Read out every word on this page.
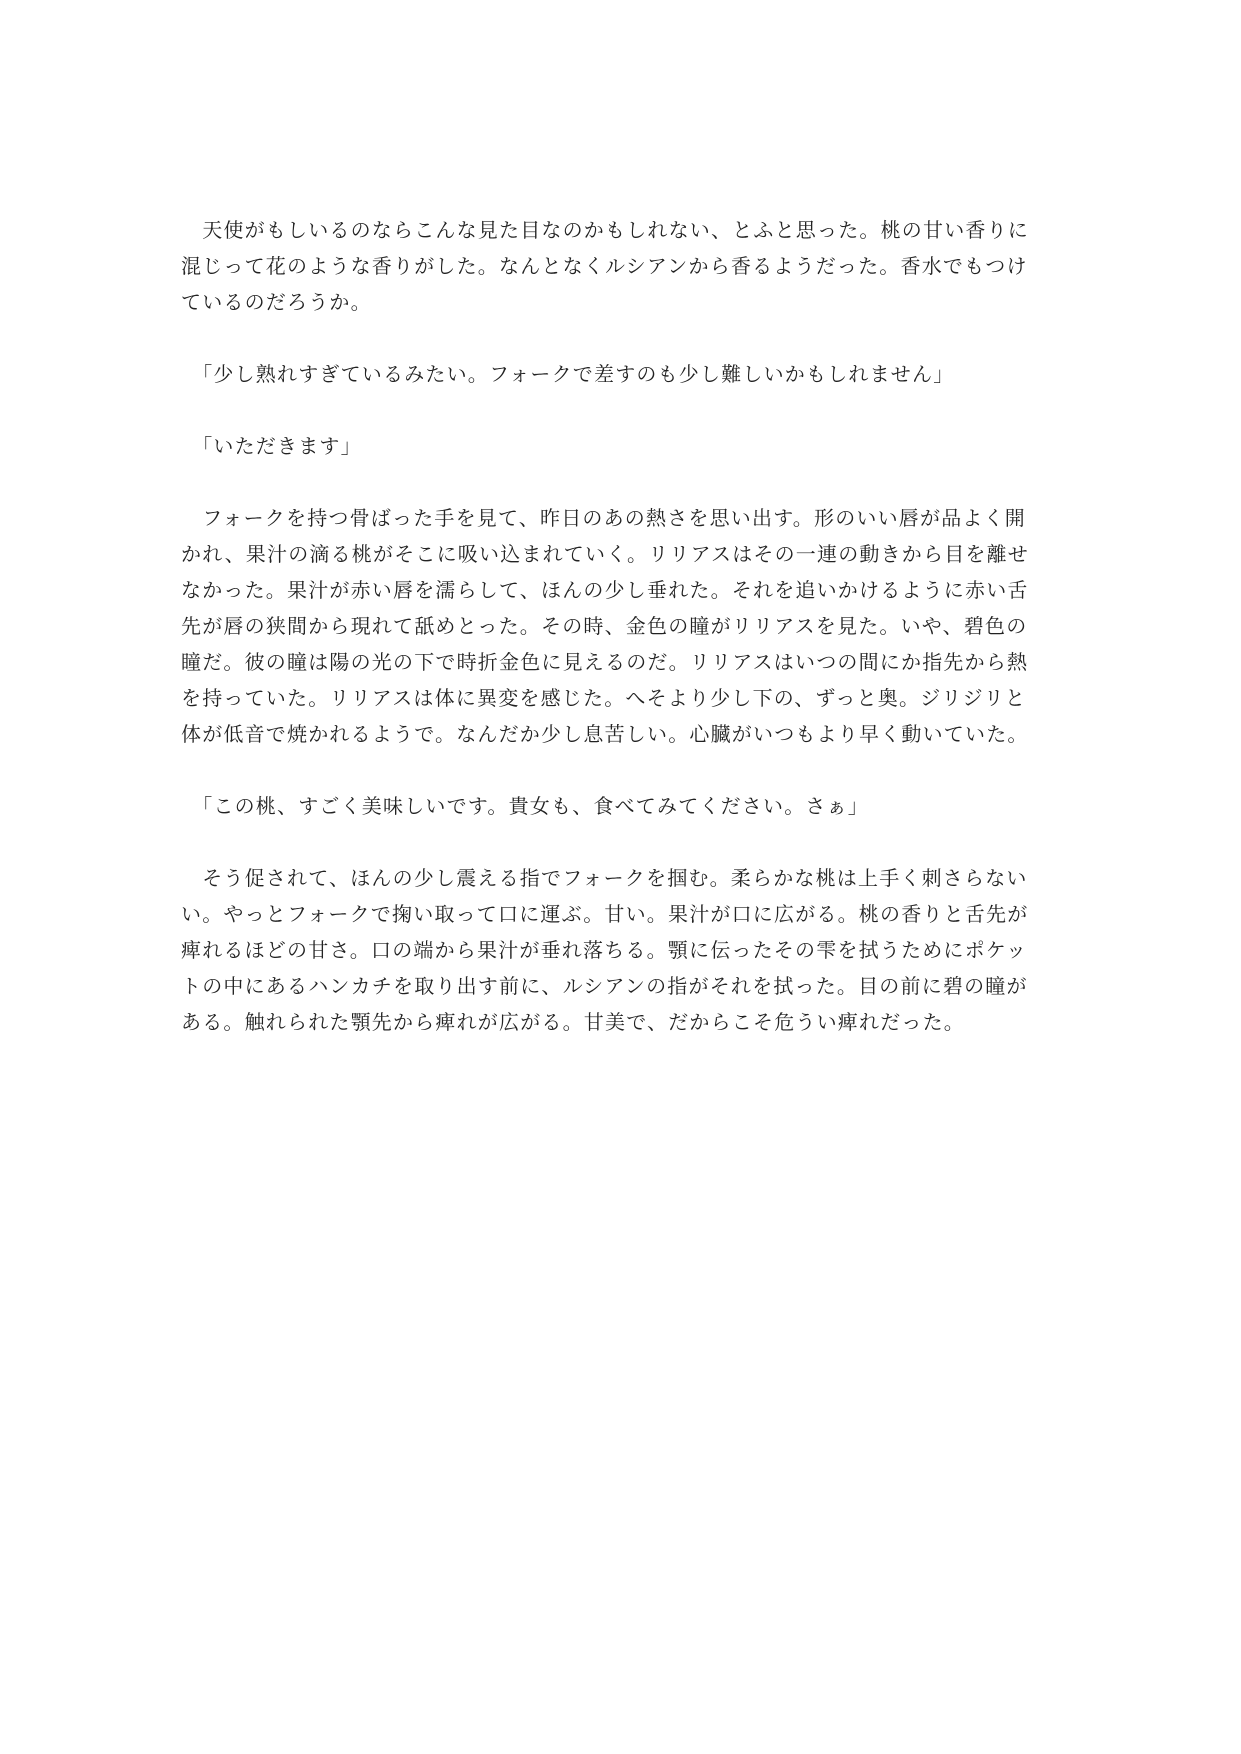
　天使がもしいるのならこんな見た目なのかもしれない、とふと思った。桃の甘い香りに
混じって花のような香りがした。なんとなくルシアンから香るようだった。香水でもつけ
ているのだろうか。
　「少し熟れすぎているみたい。フォークで差すのも少し難しいかもしれません」
　「いただきます」
　フォークを持つ骨ばった手を見て、昨日のあの熱さを思い出す。形のいい唇が品よく開
かれ、果汁の滴る桃がそこに吸い込まれていく。リリアスはその一連の動きから目を離せ
なかった。果汁が赤い唇を濡らして、ほんの少し垂れた。それを追いかけるように赤い舌
先が唇の狭間から現れて舐めとった。その時、金色の瞳がリリアスを見た。いや、碧色の
瞳だ。彼の瞳は陽の光の下で時折金色に見えるのだ。リリアスはいつの間にか指先から熱
を持っていた。リリアスは体に異変を感じた。へそより少し下の、ずっと奥。ジリジリと
体が低音で焼かれるようで。なんだか少し息苦しい。心臓がいつもより早く動いていた。
　「この桃、すごく美味しいです。貴女も、食べてみてください。さぁ」
　そう促されて、ほんの少し震える指でフォークを掴む。柔らかな桃は上手く刺さらない
い。やっとフォークで掬い取って口に運ぶ。甘い。果汁が口に広がる。桃の香りと舌先が
痺れるほどの甘さ。口の端から果汁が垂れ落ちる。顎に伝ったその雫を拭うためにポケッ
トの中にあるハンカチを取り出す前に、ルシアンの指がそれを拭った。目の前に碧の瞳が
ある。触れられた顎先から痺れが広がる。甘美で、だからこそ危うい痺れだった。
